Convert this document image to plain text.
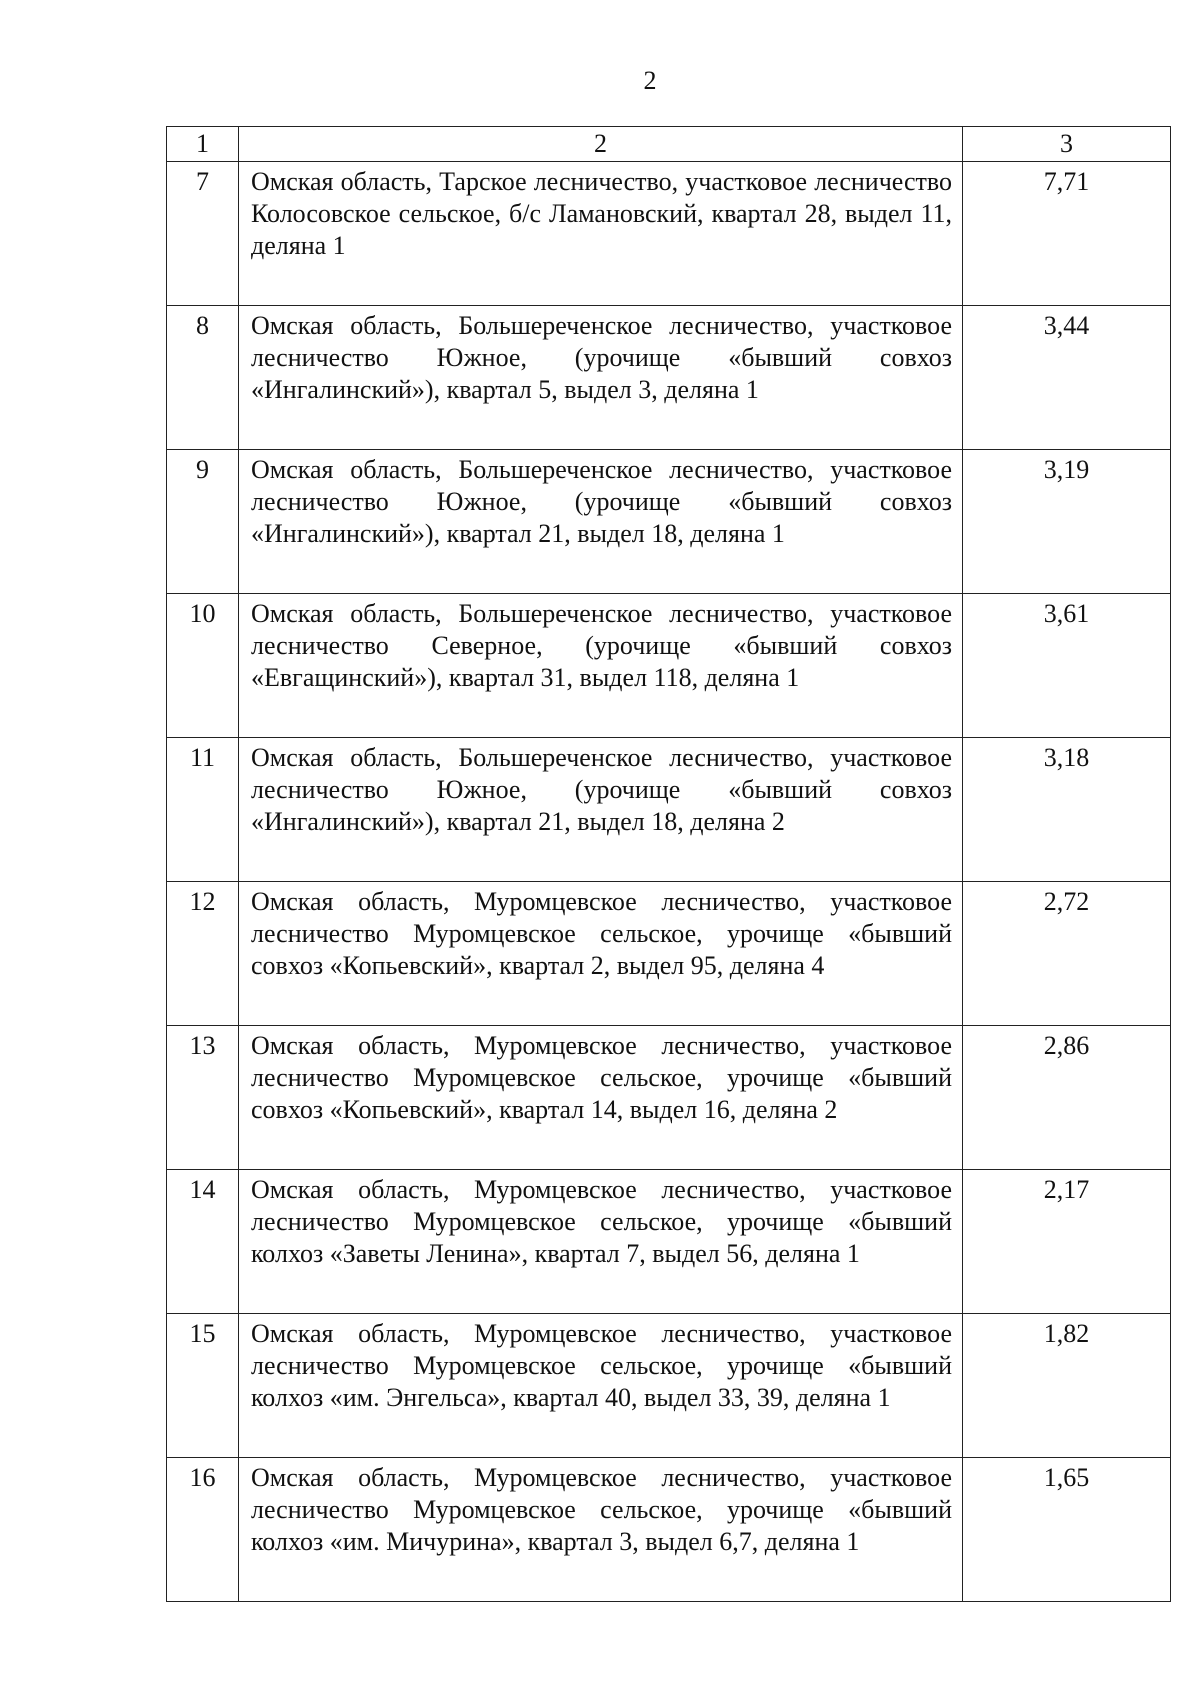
2
1	2	3
7	Омская область, Тарское лесничество, участковое лесничество Колосовское сельское, б/с Ламановский, квартал 28, выдел 11, деляна 1	7,71
8	Омская область, Большереченское лесничество, участковое лесничество Южное, (урочище «бывший совхоз «Ингалинский»), квартал 5, выдел 3, деляна 1	3,44
9	Омская область, Большереченское лесничество, участковое лесничество Южное, (урочище «бывший совхоз «Ингалинский»), квартал 21, выдел 18, деляна 1	3,19
10	Омская область, Большереченское лесничество, участковое лесничество Северное, (урочище «бывший совхоз «Евгащинский»), квартал 31, выдел 118, деляна 1	3,61
11	Омская область, Большереченское лесничество, участковое лесничество Южное, (урочище «бывший совхоз «Ингалинский»), квартал 21, выдел 18, деляна 2	3,18
12	Омская область, Муромцевское лесничество, участковое лесничество Муромцевское сельское, урочище «бывший совхоз «Копьевский», квартал 2, выдел 95, деляна 4	2,72
13	Омская область, Муромцевское лесничество, участковое лесничество Муромцевское сельское, урочище «бывший совхоз «Копьевский», квартал 14, выдел 16, деляна 2	2,86
14	Омская область, Муромцевское лесничество, участковое лесничество Муромцевское сельское, урочище «бывший колхоз «Заветы Ленина», квартал 7, выдел 56, деляна 1	2,17
15	Омская область, Муромцевское лесничество, участковое лесничество Муромцевское сельское, урочище «бывший колхоз «им. Энгельса», квартал 40, выдел 33, 39, деляна 1	1,82
16	Омская область, Муромцевское лесничество, участковое лесничество Муромцевское сельское, урочище «бывший колхоз «им. Мичурина», квартал 3, выдел 6,7, деляна 1	1,65
